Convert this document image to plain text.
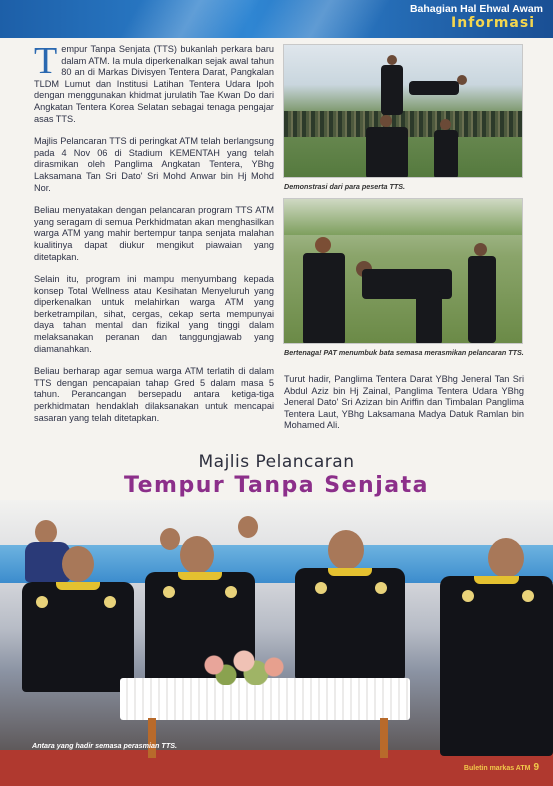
Bahagian Hal Ehwal Awam
Informasi

Tempur Tanpa Senjata (TTS) bukanlah perkara baru dalam ATM. Ia mula diperkenalkan sejak awal tahun 80 an di Markas Divisyen Tentera Darat, Pangkalan TLDM Lumut dan Institusi Latihan Tentera Udara Ipoh dengan menggunakan khidmat jurulatih Tae Kwan Do dari Angkatan Tentera Korea Selatan sebagai tenaga pengajar asas TTS.

Majlis Pelancaran TTS di peringkat ATM telah berlangsung pada 4 Nov 06 di Stadium KEMENTAH yang telah dirasmikan oleh Panglima Angkatan Tentera, YBhg Laksamana Tan Sri Dato' Sri Mohd Anwar bin Hj Mohd Nor.

Beliau menyatakan dengan pelancaran program TTS ATM yang seragam di semua Perkhidmatan akan menghasilkan warga ATM yang mahir bertempur tanpa senjata malahan kualitinya dapat diukur mengikut piawaian yang ditetapkan.

Selain itu, program ini mampu menyumbang kepada konsep Total Wellness atau Kesihatan Menyeluruh yang diperkenalkan untuk melahirkan warga ATM yang berketrampilan, sihat, cergas, cekap serta mempunyai daya tahan mental dan fizikal yang tinggi dalam melaksanakan peranan dan tanggungjawab yang diamanahkan.

Beliau berharap agar semua warga ATM terlatih di dalam TTS dengan pencapaian tahap Gred 5 dalam masa 5 tahun. Perancangan bersepadu antara ketiga-tiga perkhidmatan hendaklah dilaksanakan untuk mencapai sasaran yang telah ditetapkan.

Demonstrasi dari para peserta TTS.
Bertenaga! PAT menumbuk bata semasa merasmikan pelancaran TTS.

Turut hadir, Panglima Tentera Darat YBhg Jeneral Tan Sri Abdul Aziz bin Hj Zainal, Panglima Tentera Udara YBhg Jeneral Dato' Sri Azizan bin Ariffin dan Timbalan Panglima Tentera Laut, YBhg Laksamana Madya Datuk Ramlan bin Mohamed Ali.

Majlis Pelancaran
Tempur Tanpa Senjata
Antara yang hadir semasa perasmian TTS.
Buletin markas ATM 9
